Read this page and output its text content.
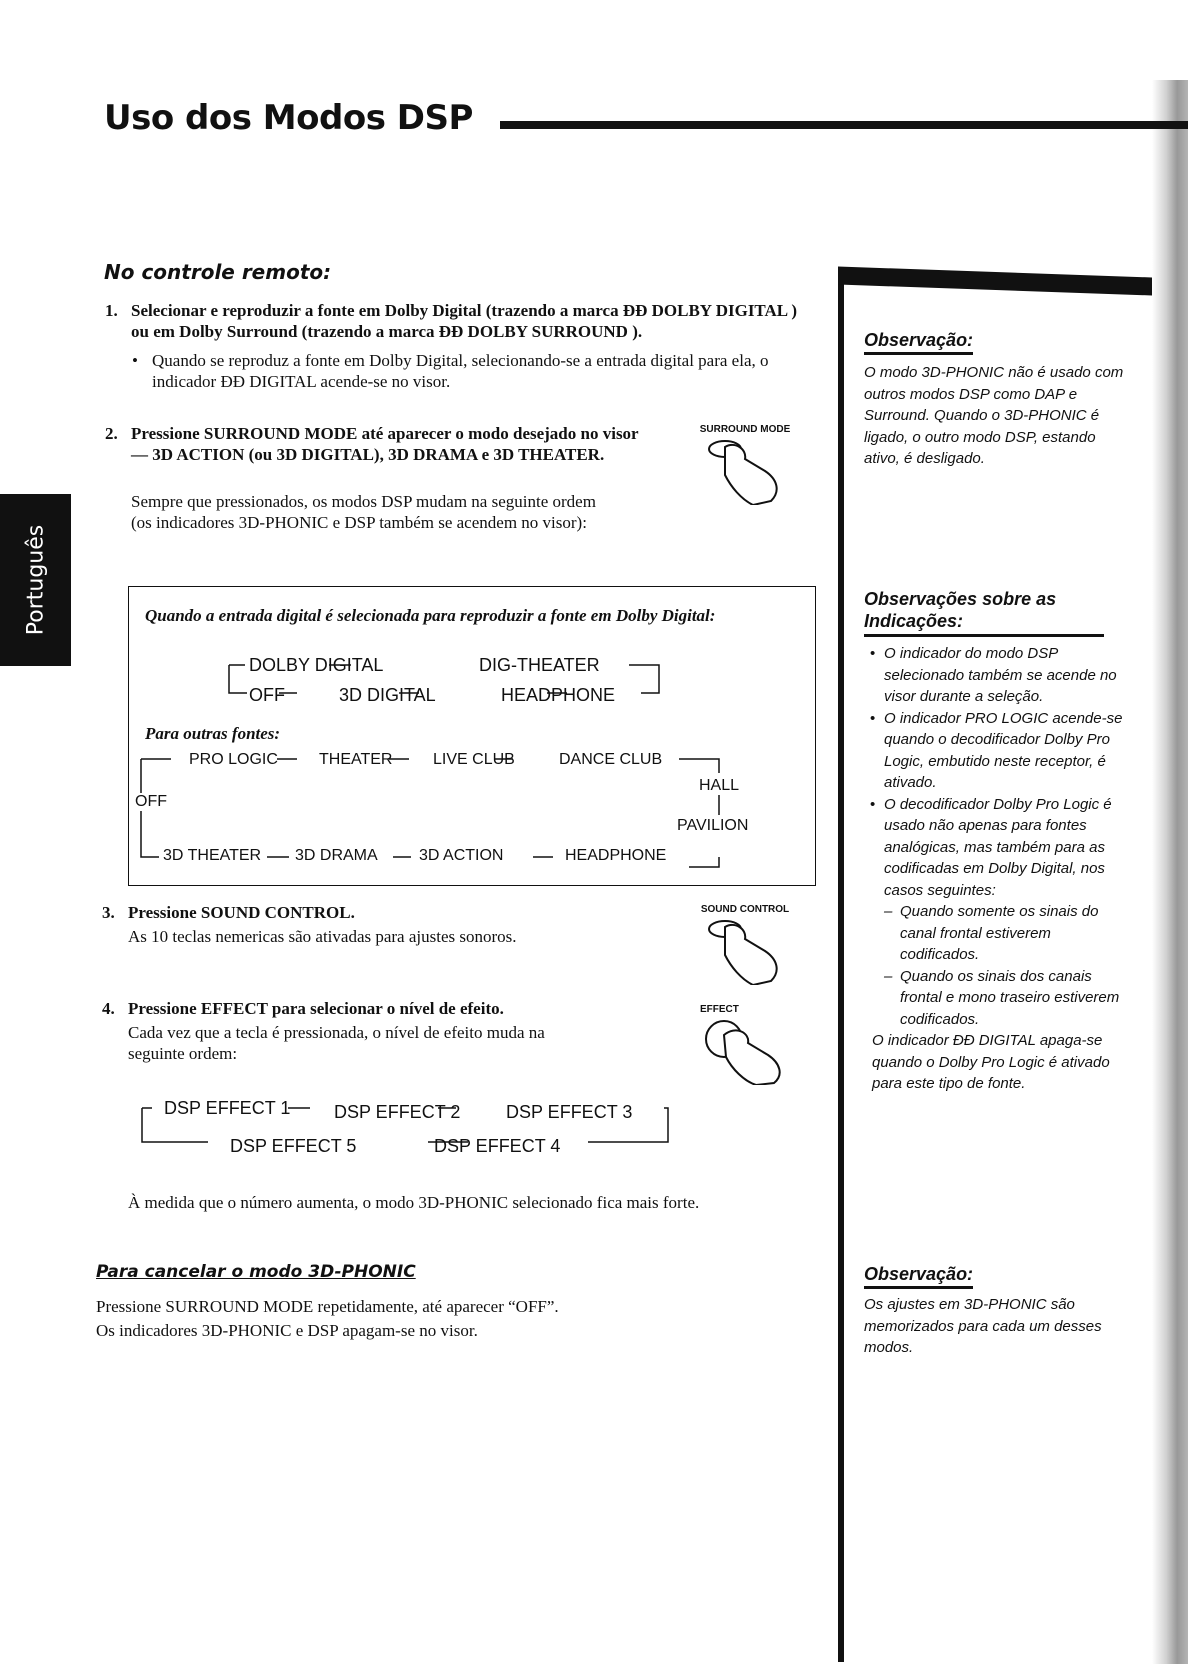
Uso dos Modos DSP
Português
No controle remoto:
1. Selecionar e reproduzir a fonte em Dolby Digital (trazendo a marca ĐĐ DOLBY DIGITAL ) ou em Dolby Surround (trazendo a marca ĐĐ DOLBY SURROUND ).
• Quando se reproduz a fonte em Dolby Digital, selecionando-se a entrada digital para ela, o indicador ĐĐ DIGITAL acende-se no visor.
2. Pressione SURROUND MODE até aparecer o modo desejado no visor — 3D ACTION (ou 3D DIGITAL), 3D DRAMA e 3D THEATER.
Sempre que pressionados, os modos DSP mudam na seguinte ordem (os indicadores 3D-PHONIC e DSP também se acendem no visor):
SURROUND MODE
Quando a entrada digital é selecionada para reproduzir a fonte em Dolby Digital:
DOLBY DIGITAL	DIG-THEATER
HEADPHONE
3D DIGITAL
OFF
Para outras fontes:
PRO LOGIC	THEATER	LIVE CLUB	DANCE CLUB
HALL
PAVILION
HEADPHONE
3D ACTION
3D DRAMA
3D THEATER
OFF
3. Pressione SOUND CONTROL.
As 10 teclas nemericas são ativadas para ajustes sonoros.
SOUND CONTROL
4. Pressione EFFECT para selecionar o nível de efeito.
Cada vez que a tecla é pressionada, o nível de efeito muda na seguinte ordem:
EFFECT
DSP EFFECT 1 DSP EFFECT 2	DSP EFFECT 3
DSP EFFECT 4
DSP EFFECT 5
À medida que o número aumenta, o modo 3D-PHONIC selecionado fica mais forte.
Para cancelar o modo 3D-PHONIC
Pressione SURROUND MODE repetidamente, até aparecer “OFF”.
Os indicadores 3D-PHONIC e DSP apagam-se no visor.
Observação:
O modo 3D-PHONIC não é usado com outros modos DSP como DAP e Surround. Quando o 3D-PHONIC é ligado, o outro modo DSP, estando ativo, é desligado.
Observações sobre as Indicações:
• O indicador do modo DSP selecionado também se acende no visor durante a seleção.
• O indicador PRO LOGIC acende-se quando o decodificador Dolby Pro Logic, embutido neste receptor, é ativado.
• O decodificador Dolby Pro Logic é usado não apenas para fontes analógicas, mas também para as codificadas em Dolby Digital, nos casos seguintes:
– Quando somente os sinais do canal frontal estiverem codificados.
– Quando os sinais dos canais frontal e mono traseiro estiverem codificados.
O indicador ĐĐ DIGITAL apaga-se quando o Dolby Pro Logic é ativado para este tipo de fonte.
Observação:
Os ajustes em 3D-PHONIC são memorizados para cada um desses modos.
